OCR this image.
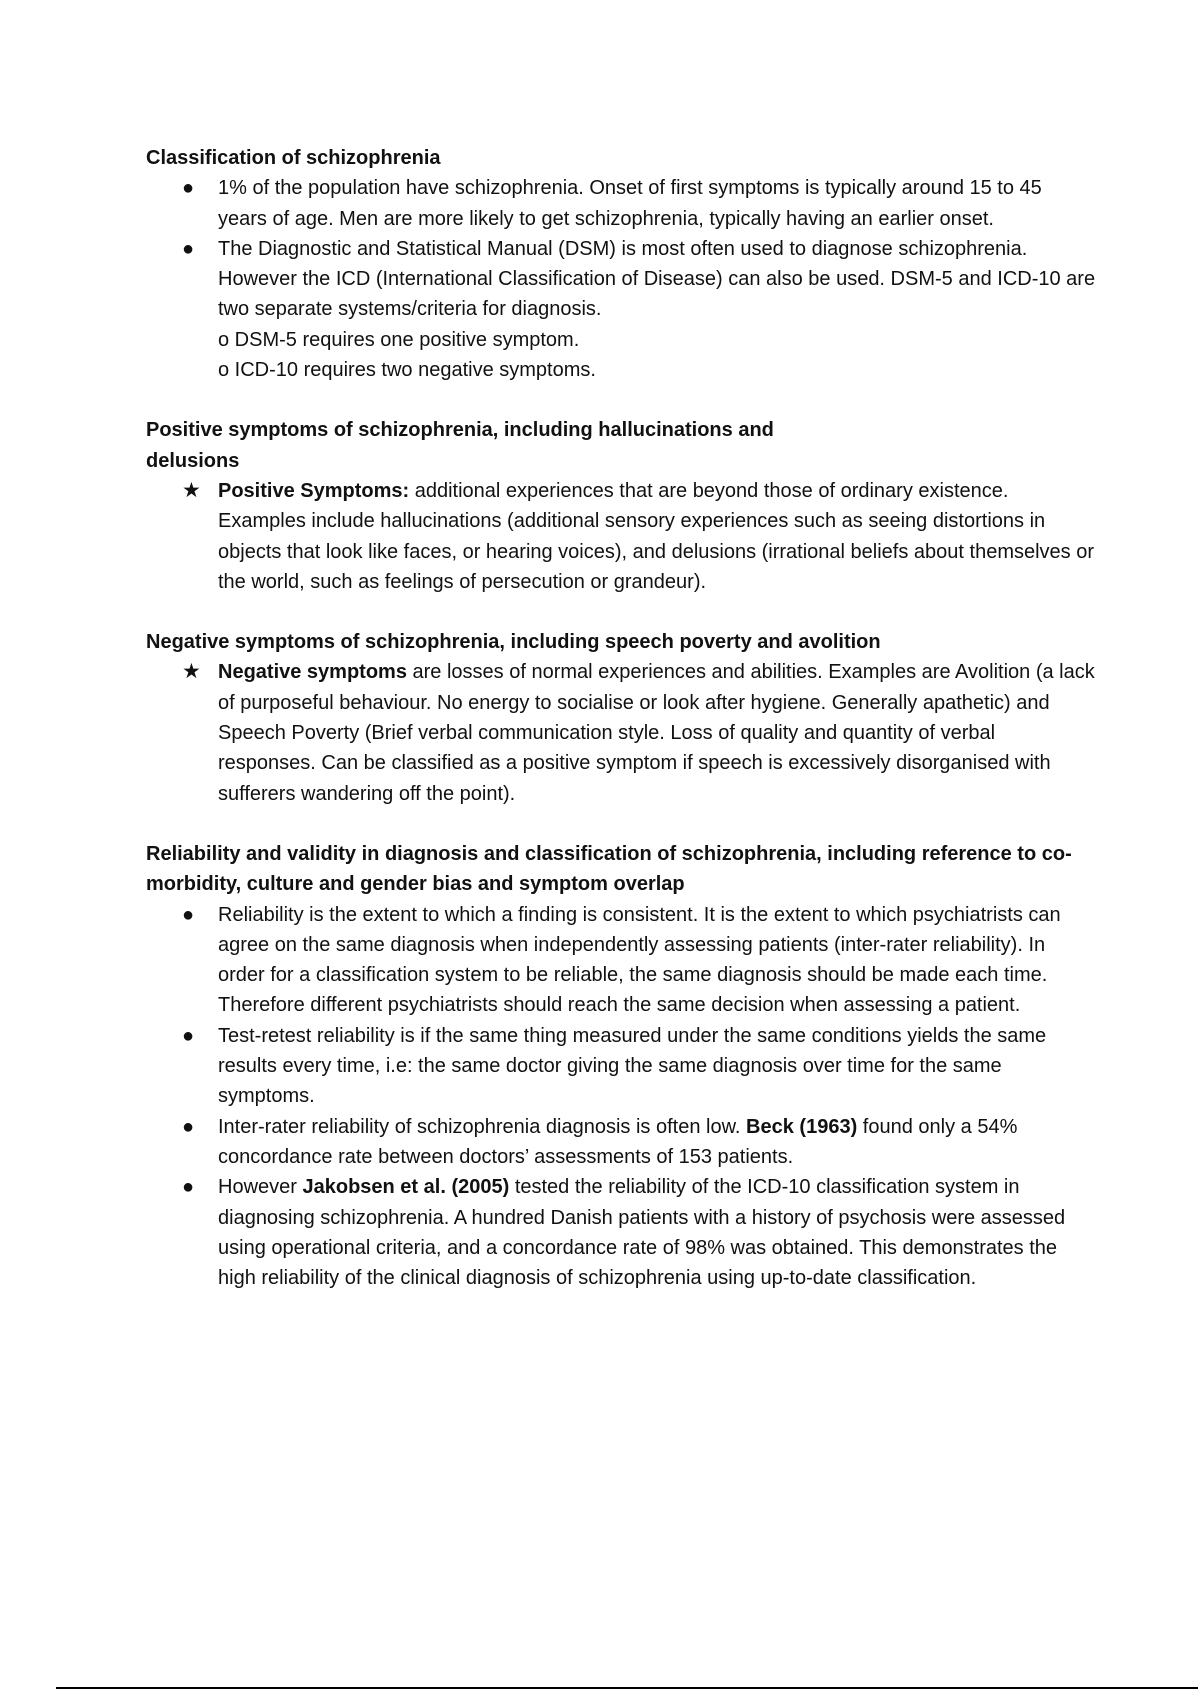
Classification of schizophrenia

●	1% of the population have schizophrenia. Onset of first symptoms is typically around 15 to 45 years of age. Men are more likely to get schizophrenia, typically having an earlier onset.
●	The Diagnostic and Statistical Manual (DSM) is most often used to diagnose schizophrenia. However the ICD (International Classification of Disease) can also be used. DSM-5 and ICD-10 are two separate systems/criteria for diagnosis.
o DSM-5 requires one positive symptom.
o ICD-10 requires two negative symptoms.

Positive symptoms of schizophrenia, including hallucinations and
delusions

★ Positive Symptoms: additional experiences that are beyond those of ordinary existence. Examples include hallucinations (additional sensory experiences such as seeing distortions in objects that look like faces, or hearing voices), and delusions (irrational beliefs about themselves or the world, such as feelings of persecution or grandeur).

Negative symptoms of schizophrenia, including speech poverty and avolition

★ Negative symptoms are losses of normal experiences and abilities. Examples are Avolition (a lack of purposeful behaviour. No energy to socialise or look after hygiene. Generally apathetic) and Speech Poverty (Brief verbal communication style. Loss of quality and quantity of verbal responses. Can be classified as a positive symptom if speech is excessively disorganised with sufferers wandering off the point).

Reliability and validity in diagnosis and classification of schizophrenia, including reference to co-morbidity, culture and gender bias and symptom overlap

●	Reliability is the extent to which a finding is consistent. It is the extent to which psychiatrists can agree on the same diagnosis when independently assessing patients (inter-rater reliability). In order for a classification system to be reliable, the same diagnosis should be made each time. Therefore different psychiatrists should reach the same decision when assessing a patient.
●	Test-retest reliability is if the same thing measured under the same conditions yields the same results every time, i.e: the same doctor giving the same diagnosis over time for the same symptoms.
●	Inter-rater reliability of schizophrenia diagnosis is often low. Beck (1963) found only a 54% concordance rate between doctors’ assessments of 153 patients.
●	However Jakobsen et al. (2005) tested the reliability of the ICD-10 classification system in diagnosing schizophrenia. A hundred Danish patients with a history of psychosis were assessed using operational criteria, and a concordance rate of 98% was obtained. This demonstrates the high reliability of the clinical diagnosis of schizophrenia using up-to-date classification.
